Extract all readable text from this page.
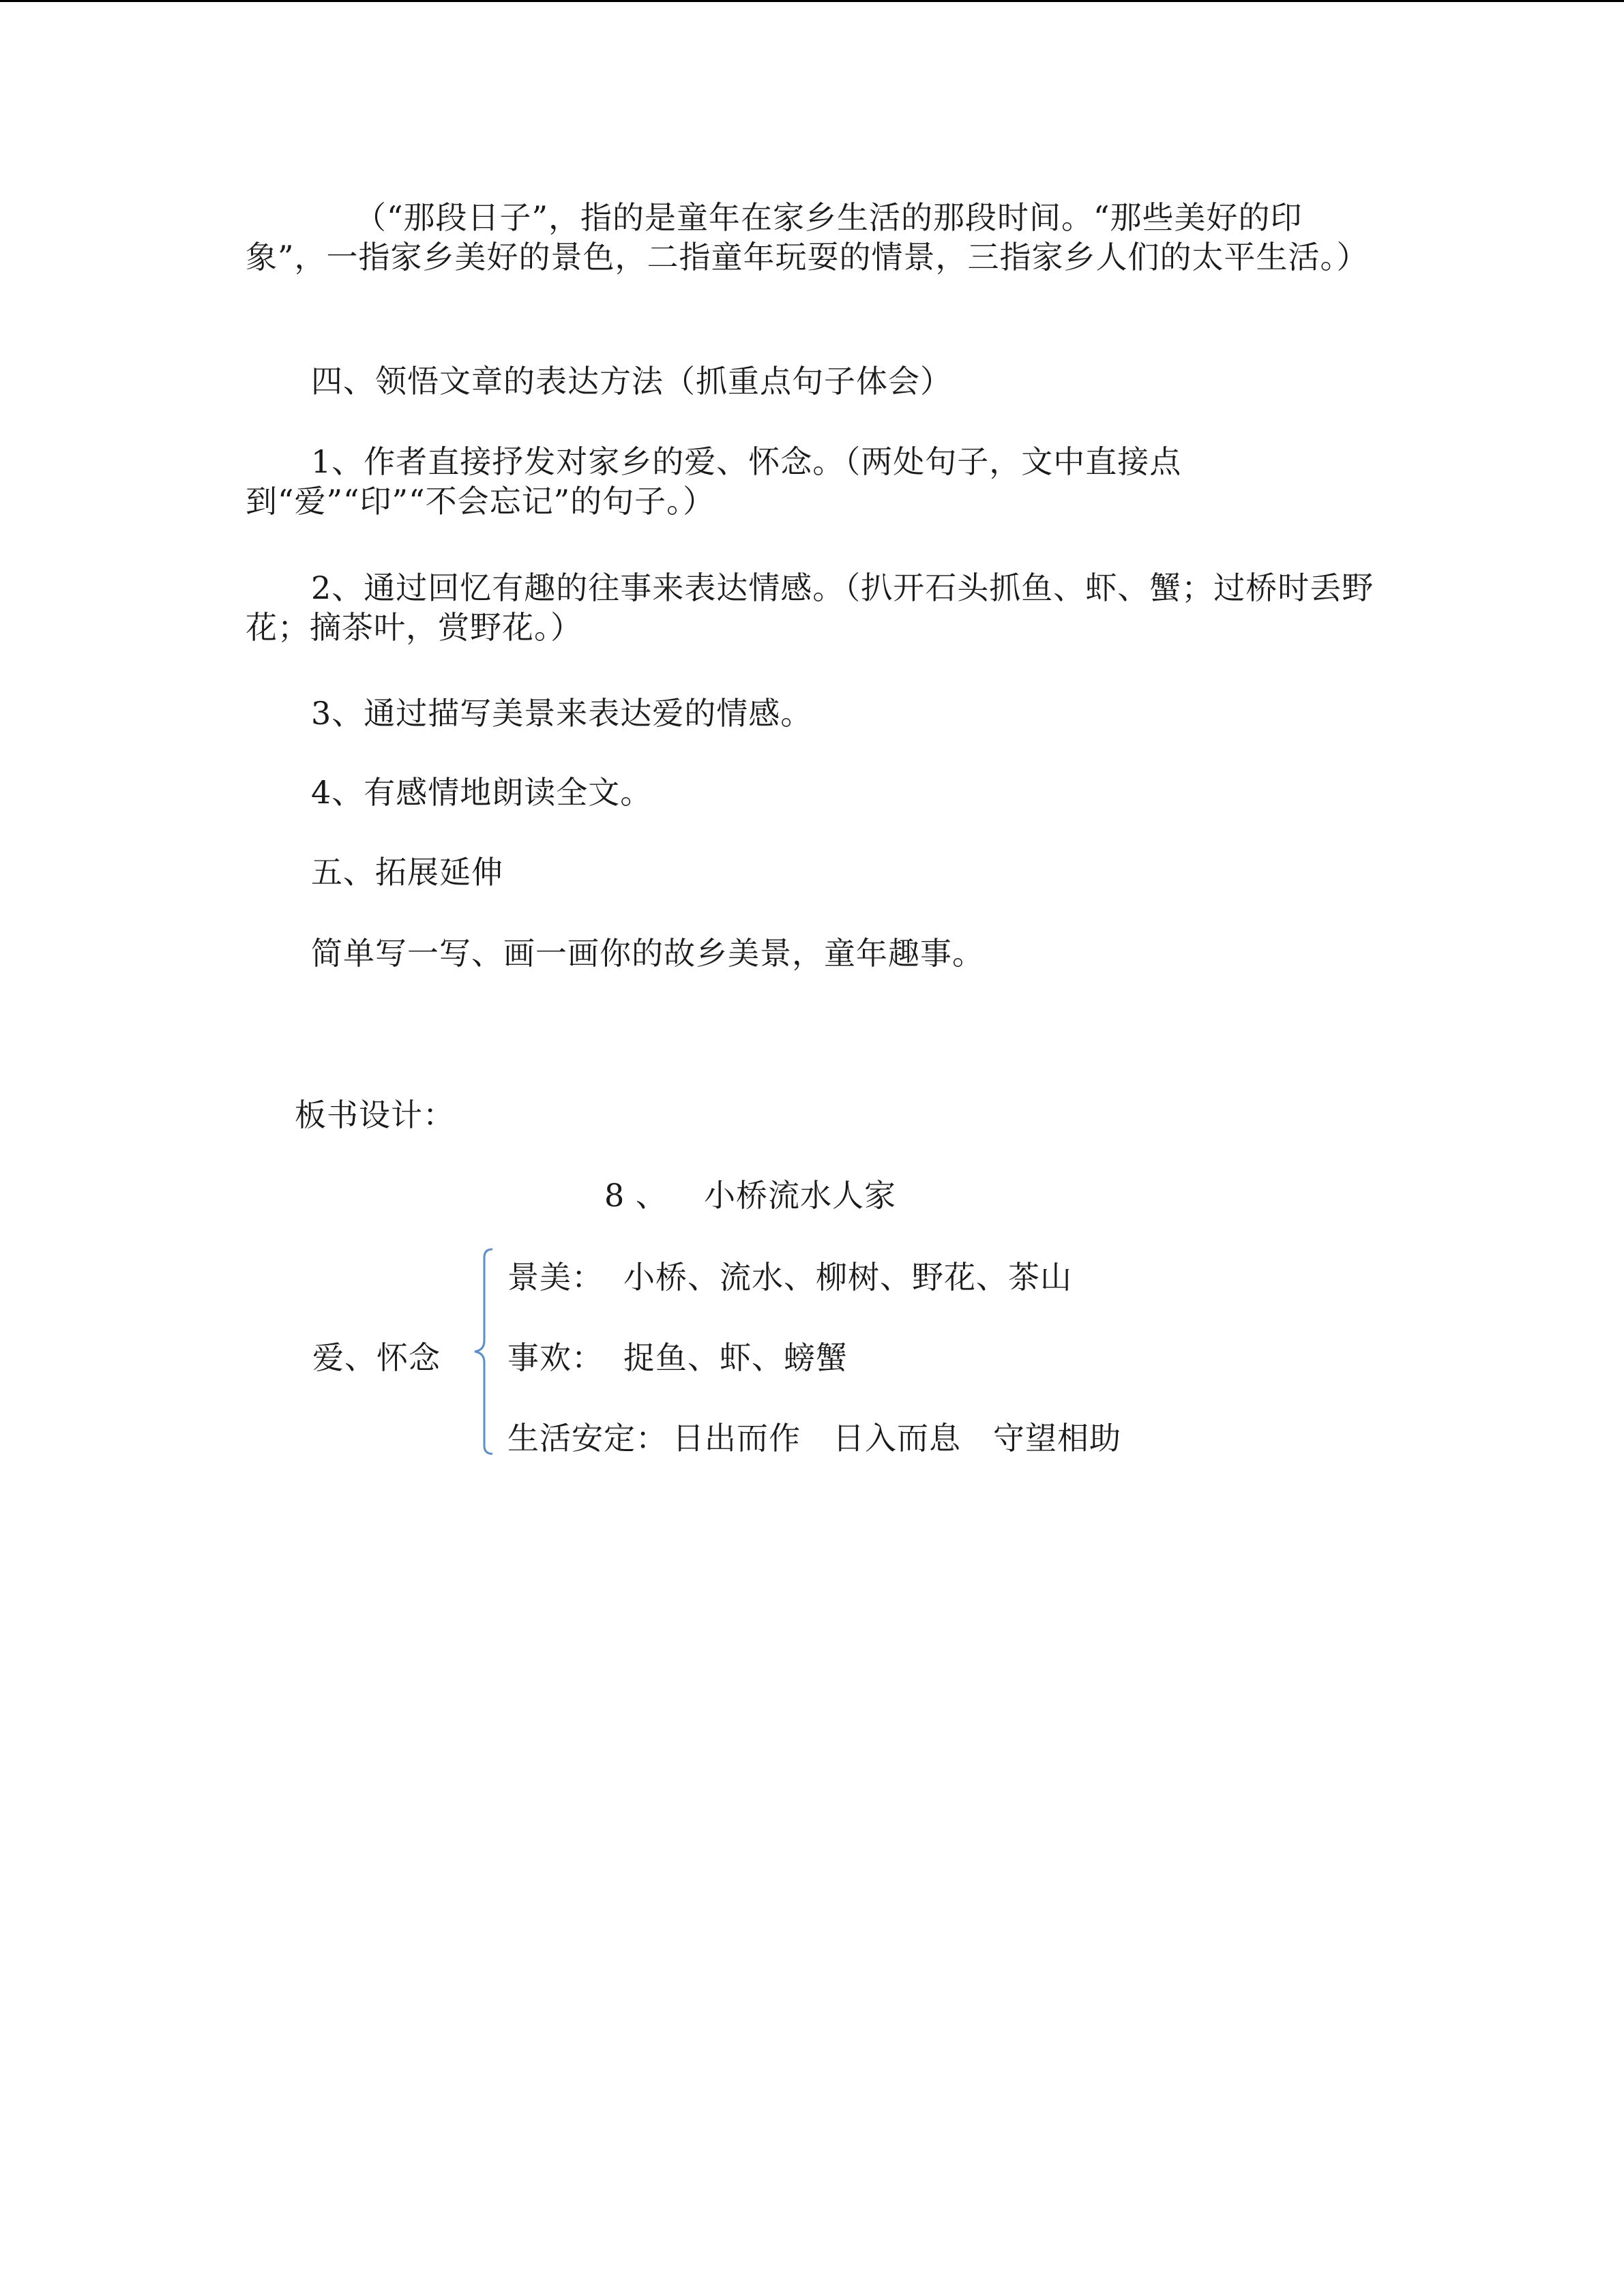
（“那段日子”，指的是童年在家乡生活的那段时间。“那些美好的印象”，一指家乡美好的景色，二指童年玩耍的情景，三指家乡人们的太平生活。）

四、领悟文章的表达方法（抓重点句子体会）

1、作者直接抒发对家乡的爱、怀念。（两处句子，文中直接点到“爱”“印”“不会忘记”的句子。）

2、通过回忆有趣的往事来表达情感。（扒开石头抓鱼、虾、蟹；过桥时丢野花；摘茶叶，赏野花。）

3、通过描写美景来表达爱的情感。

4、有感情地朗读全文。

五、拓展延伸

简单写一写、画一画你的故乡美景，童年趣事。

板书设计：
8 、 小桥流水人家
爱、怀念
景美： 小桥、流水、柳树、野花、茶山
事欢： 捉鱼、虾、螃蟹
生活安定： 日出而作　日入而息　守望相助
